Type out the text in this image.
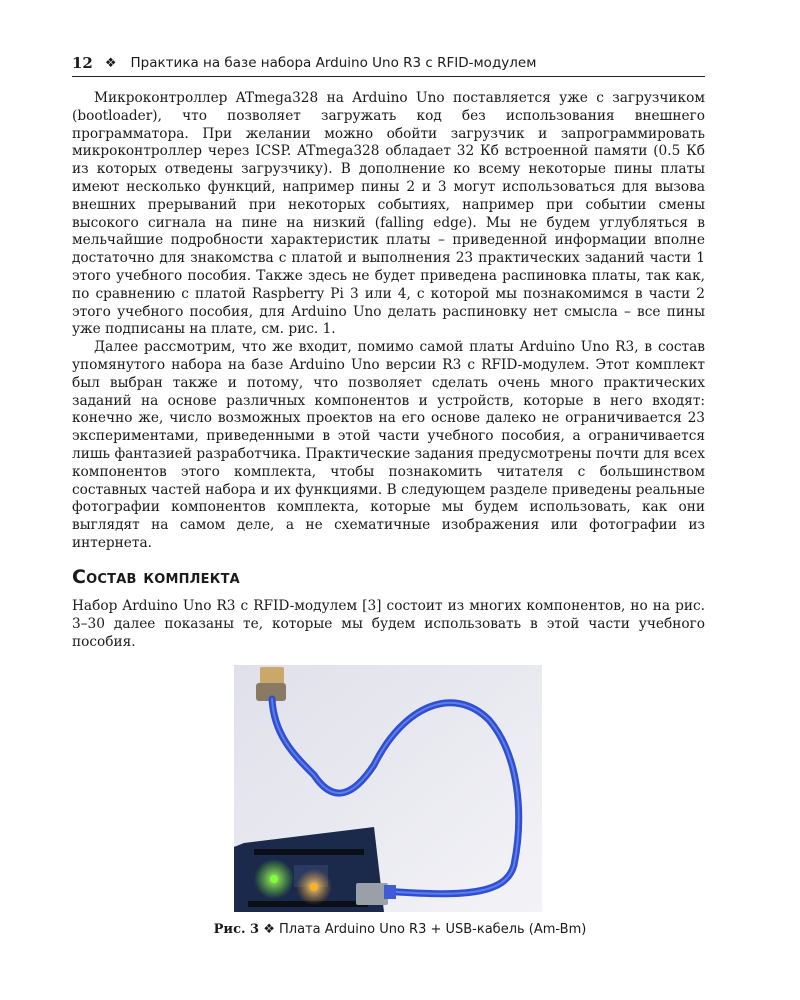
12 ❖ Практика на базе набора Arduino Uno R3 с RFID-модулем

Микроконтроллер ATmega328 на Arduino Uno поставляется уже с загрузчиком (bootloader), что позволяет загружать код без использования внешнего программатора. При желании можно обойти загрузчик и запрограммировать микроконтроллер через ICSP. ATmega328 обладает 32 Кб встроенной памяти (0.5 Кб из которых отведены загрузчику). В дополнение ко всему некоторые пины платы имеют несколько функций, например пины 2 и 3 могут использоваться для вызова внешних прерываний при некоторых событиях, например при событии смены высокого сигнала на пине на низкий (falling edge). Мы не будем углубляться в мельчайшие подробности характеристик платы – приведенной информации вполне достаточно для знакомства с платой и выполнения 23 практических заданий части 1 этого учебного пособия. Также здесь не будет приведена распиновка платы, так как, по сравнению с платой Raspberry Pi 3 или 4, с которой мы познакомимся в части 2 этого учебного пособия, для Arduino Uno делать распиновку нет смысла – все пины уже подписаны на плате, см. рис. 1.

Далее рассмотрим, что же входит, помимо самой платы Arduino Uno R3, в состав упомянутого набора на базе Arduino Uno версии R3 с RFID-модулем. Этот комплект был выбран также и потому, что позволяет сделать очень много практических заданий на основе различных компонентов и устройств, которые в него входят: конечно же, число возможных проектов на его основе далеко не ограничивается 23 экспериментами, приведенными в этой части учебного пособия, а ограничивается лишь фантазией разработчика. Практические задания предусмотрены почти для всех компонентов этого комплекта, чтобы познакомить читателя с большинством составных частей набора и их функциями. В следующем разделе приведены реальные фотографии компонентов комплекта, которые мы будем использовать, как они выглядят на самом деле, а не схематичные изображения или фотографии из интернета.

Состав комплекта

Набор Arduino Uno R3 с RFID-модулем [3] состоит из многих компонентов, но на рис. 3–30 далее показаны те, которые мы будем использовать в этой части учебного пособия.

Рис. 3 ❖ Плата Arduino Uno R3 + USB-кабель (Am-Bm)
